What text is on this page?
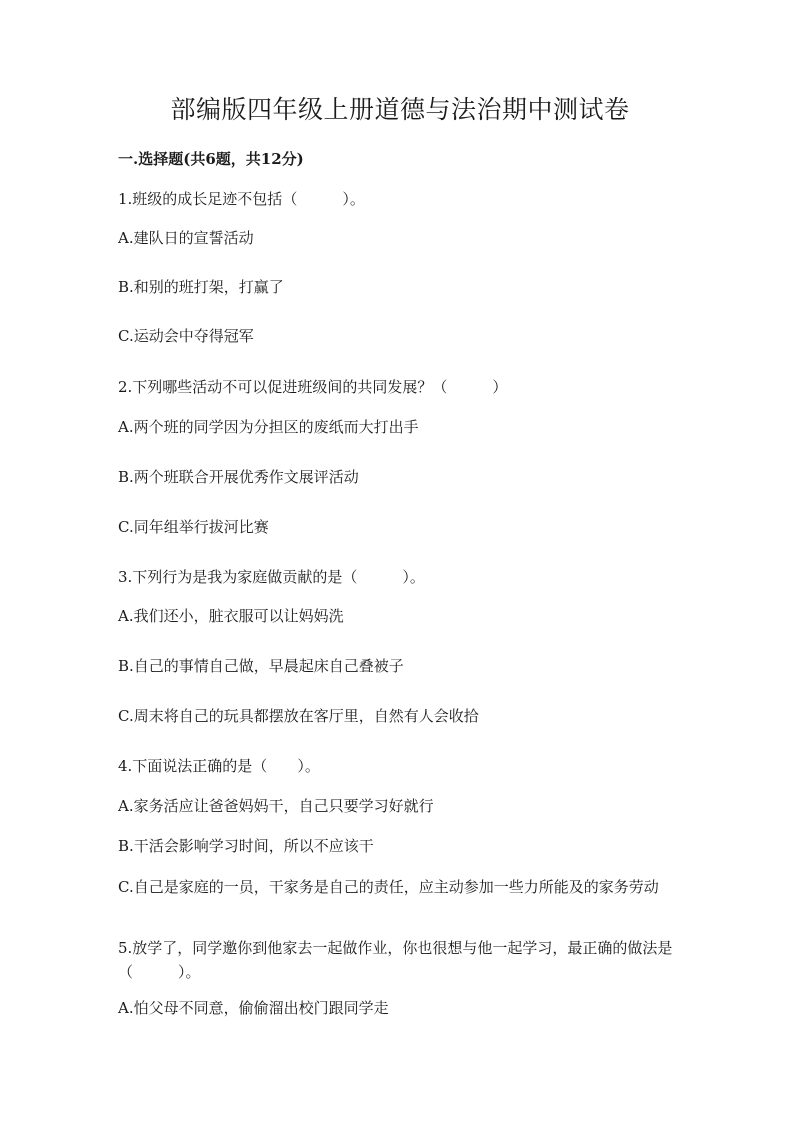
部编版四年级上册道德与法治期中测试卷

一.选择题(共6题，共12分)

1.班级的成长足迹不包括（　　　）。

A.建队日的宣誓活动

B.和别的班打架，打赢了

C.运动会中夺得冠军

2.下列哪些活动不可以促进班级间的共同发展？（　　　）

A.两个班的同学因为分担区的废纸而大打出手

B.两个班联合开展优秀作文展评活动

C.同年组举行拔河比赛

3.下列行为是我为家庭做贡献的是（　　　）。

A.我们还小，脏衣服可以让妈妈洗

B.自己的事情自己做，早晨起床自己叠被子

C.周末将自己的玩具都摆放在客厅里，自然有人会收拾

4.下面说法正确的是（　　）。

A.家务活应让爸爸妈妈干，自己只要学习好就行

B.干活会影响学习时间，所以不应该干

C.自己是家庭的一员，干家务是自己的责任，应主动参加一些力所能及的家务劳动

5.放学了，同学邀你到他家去一起做作业，你也很想与他一起学习，最正确的做法是（　　　）。

A.怕父母不同意，偷偷溜出校门跟同学走
